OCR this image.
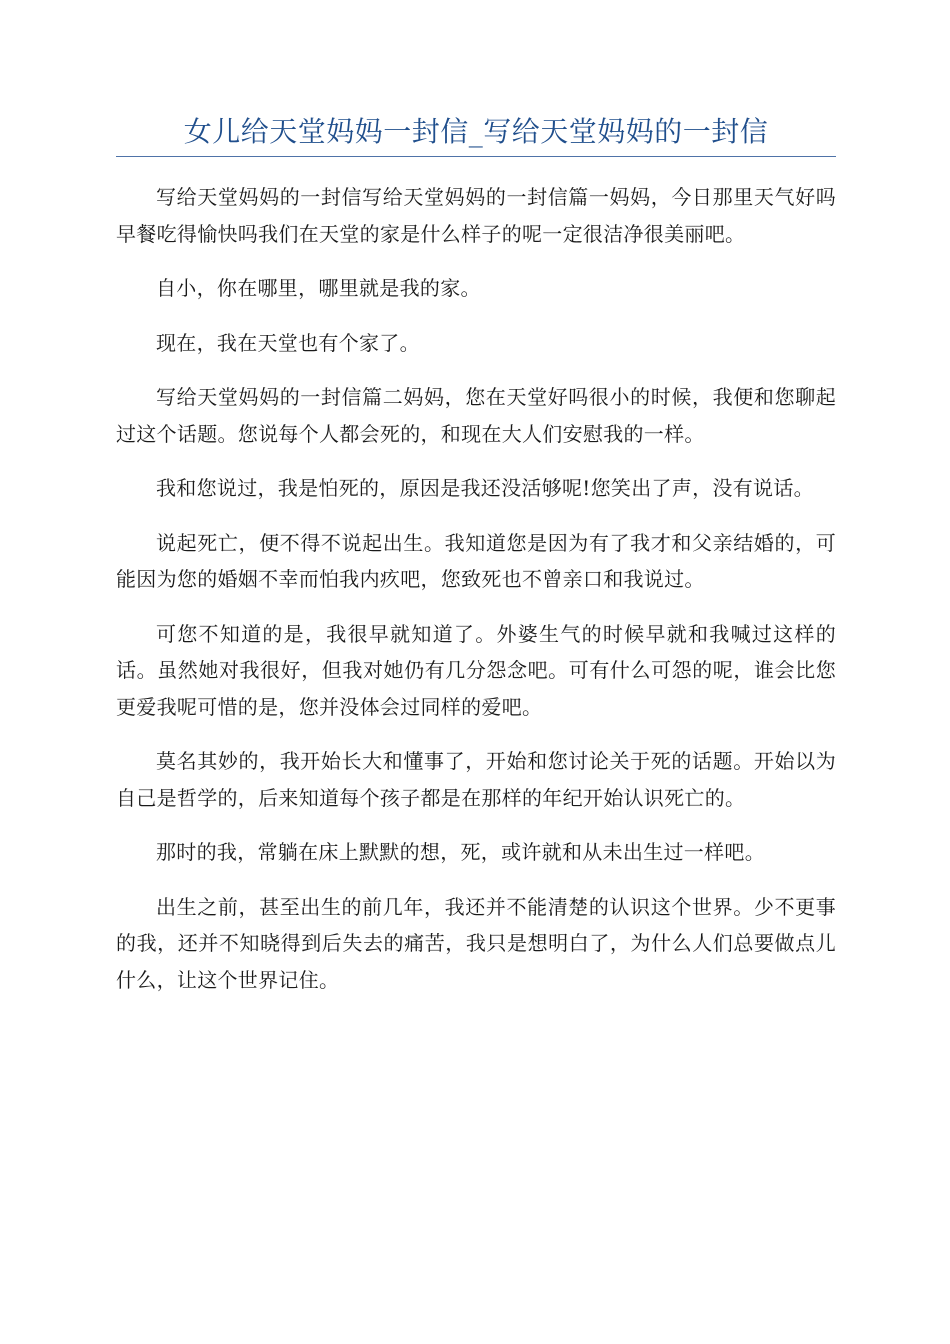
女儿给天堂妈妈一封信_写给天堂妈妈的一封信

写给天堂妈妈的一封信写给天堂妈妈的一封信篇一妈妈，今日那里天气好吗早餐吃得愉快吗我们在天堂的家是什么样子的呢一定很洁净很美丽吧。

自小，你在哪里，哪里就是我的家。

现在，我在天堂也有个家了。

写给天堂妈妈的一封信篇二妈妈，您在天堂好吗很小的时候，我便和您聊起过这个话题。您说每个人都会死的，和现在大人们安慰我的一样。

我和您说过，我是怕死的，原因是我还没活够呢!您笑出了声，没有说话。

说起死亡，便不得不说起出生。我知道您是因为有了我才和父亲结婚的，可能因为您的婚姻不幸而怕我内疚吧，您致死也不曾亲口和我说过。

可您不知道的是，我很早就知道了。外婆生气的时候早就和我喊过这样的话。虽然她对我很好，但我对她仍有几分怨念吧。可有什么可怨的呢，谁会比您更爱我呢可惜的是，您并没体会过同样的爱吧。

莫名其妙的，我开始长大和懂事了，开始和您讨论关于死的话题。开始以为自己是哲学的，后来知道每个孩子都是在那样的年纪开始认识死亡的。

那时的我，常躺在床上默默的想，死，或许就和从未出生过一样吧。

出生之前，甚至出生的前几年，我还并不能清楚的认识这个世界。少不更事的我，还并不知晓得到后失去的痛苦，我只是想明白了，为什么人们总要做点儿什么，让这个世界记住。
